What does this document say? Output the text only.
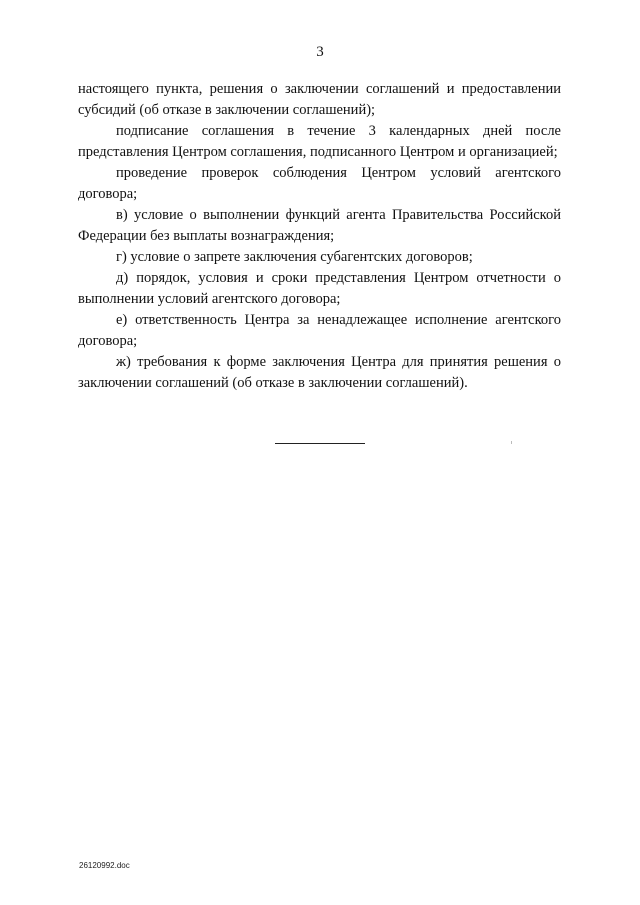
3

настоящего пункта, решения о заключении соглашений и предоставлении субсидий (об отказе в заключении соглашений);

подписание соглашения в течение 3 календарных дней после представления Центром соглашения, подписанного Центром и организацией;

проведение проверок соблюдения Центром условий агентского договора;

в) условие о выполнении функций агента Правительства Российской Федерации без выплаты вознаграждения;

г) условие о запрете заключения субагентских договоров;

д) порядок, условия и сроки представления Центром отчетности о выполнении условий агентского договора;

е) ответственность Центра за ненадлежащее исполнение агентского договора;

ж) требования к форме заключения Центра для принятия решения о заключении соглашений (об отказе в заключении соглашений).

26120992.doc
